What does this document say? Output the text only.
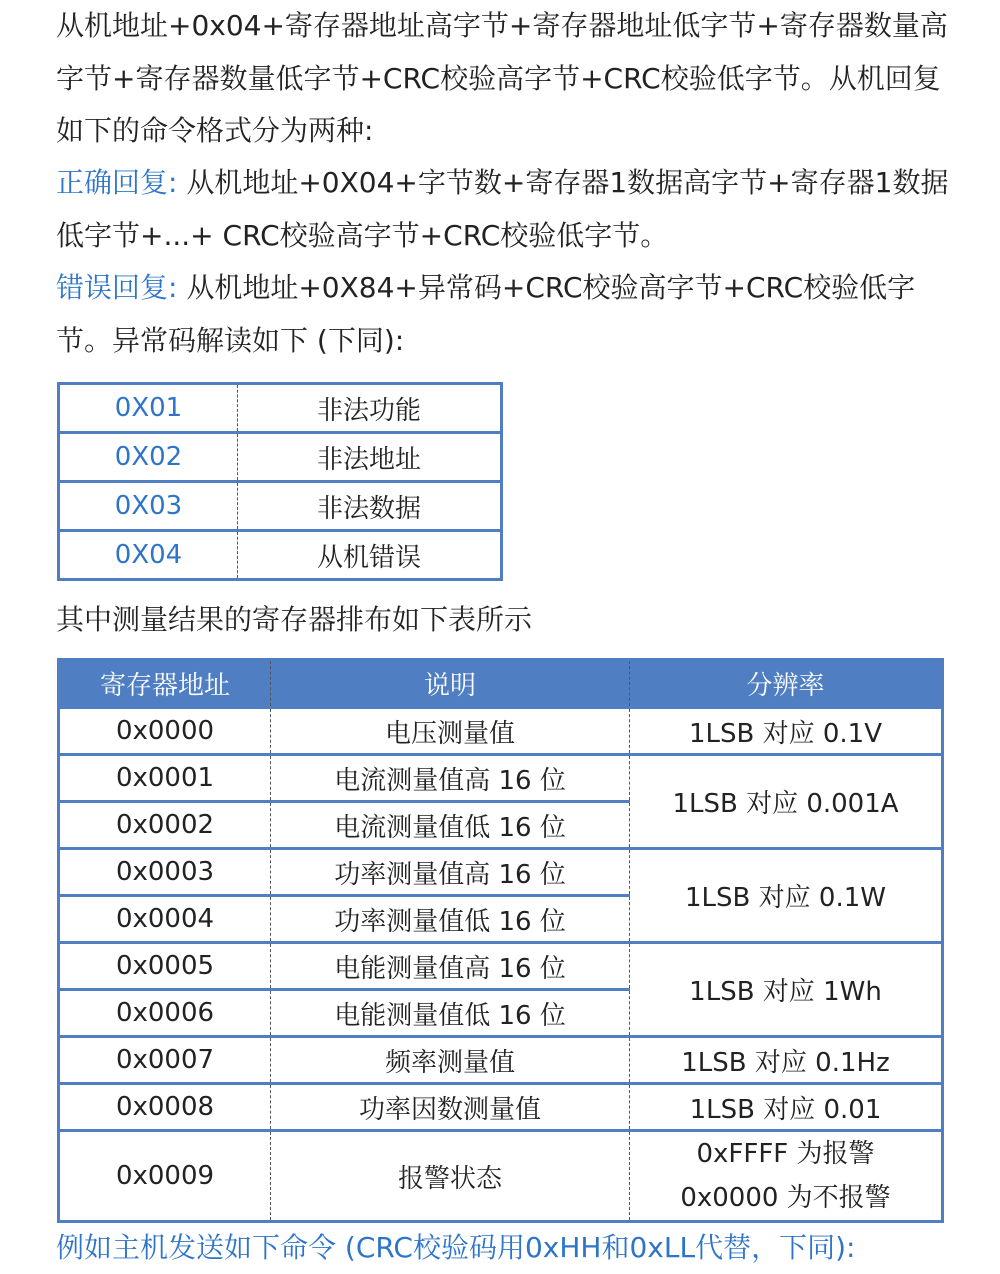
从机地址+0x04+寄存器地址高字节+寄存器地址低字节+寄存器数量高字节+寄存器数量低字节+CRC校验高字节+CRC校验低字节。从机回复如下的命令格式分为两种:

正确回复: 从机地址+0X04+字节数+寄存器1数据高字节+寄存器1数据低字节+...+ CRC校验高字节+CRC校验低字节。

错误回复: 从机地址+0X84+异常码+CRC校验高字节+CRC校验低字节。异常码解读如下 (下同):

0X01	非法功能
0X02	非法地址
0X03	非法数据
0X04	从机错误

其中测量结果的寄存器排布如下表所示

寄存器地址	说明	分辨率
0x0000	电压测量值	1LSB 对应 0.1V
0x0001	电流测量值高 16 位	1LSB 对应 0.001A
0x0002	电流测量值低 16 位	
0x0003	功率测量值高 16 位	1LSB 对应 0.1W
0x0004	功率测量值低 16 位	
0x0005	电能测量值高 16 位	1LSB 对应 1Wh
0x0006	电能测量值低 16 位	
0x0007	频率测量值	1LSB 对应 0.1Hz
0x0008	功率因数测量值	1LSB 对应 0.01
0x0009	报警状态	0xFFFF 为报警
0x0000 为不报警

例如主机发送如下命令 (CRC校验码用0xHH和0xLL代替，下同):
